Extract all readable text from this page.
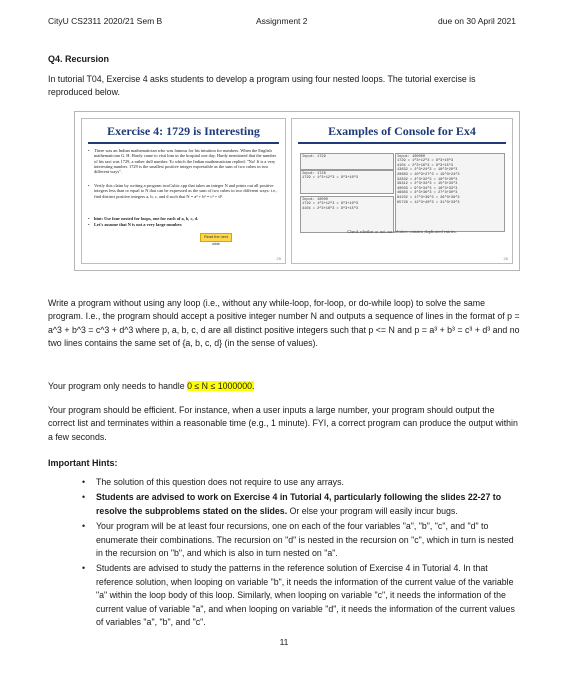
CityU CS2311 2020/21 Sem B	Assignment 2	due on 30 April 2021
Q4. Recursion
In tutorial T04, Exercise 4 asks students to develop a program using four nested loops. The tutorial exercise is reproduced below.
Exercise 4: 1729 is Interesting
• There was an Indian mathematician who was famous for his intuition for numbers. When the English mathematician G. H. Hardy came to visit him in the hospital one day, Hardy mentioned that the number of his taxi was 1729, a rather dull number. To which the Indian mathematician replied: "No! It is a very interesting number. 1729 is the smallest positive integer expressible as the sum of two cubes in two different ways".
• Verify this claim by writing a program twoCubic.cpp that takes an integer N and prints out all positive integers less than or equal to N that can be expressed as the sum of two cubes in two different ways: i.e., find distinct positive integers a, b, c, and d such that N = a³ + b³ = c³ + d³.
• hint: Use four nested for loops, one for each of a, b, c, d.
• Let's assume that N is not a very large number.
Read the next slide
25
Examples of Console for Ex4
Input: 1729
Input: 1728
1729 = 1^3+12^3 = 9^3+10^3
Input: 10000
1729 = 1^3+12^3 = 9^3+10^3
4104 = 2^3+16^3 = 9^3+15^3
Input: 100000
1729 = 1^3+12^3 = 9^3+10^3
4104 = 2^3+16^3 = 9^3+15^3
13832 = 2^3+24^3 = 18^3+20^3
20683 = 10^3+27^3 = 19^3+24^3
32832 = 4^3+32^3 = 18^3+30^3
39312 = 2^3+34^3 = 15^3+33^3
40033 = 9^3+34^3 = 16^3+33^3
46683 = 3^3+36^3 = 27^3+30^3
64232 = 17^3+39^3 = 26^3+36^3
65728 = 12^3+40^3 = 31^3+33^3
Check whether or not our solution contains duplicated entries.
26
Write a program without using any loop (i.e., without any while-loop, for-loop, or do-while loop) to solve the same program. I.e., the program should accept a positive integer number N and outputs a sequence of lines in the format of p = a^3 + b^3 = c^3 + d^3 where p, a, b, c, d are all distinct positive integers such that p <= N and p = a³ + b³ = c³ + d³ and no two lines contains the same set of {a, b, c, d} (in the sense of values).
Your program only needs to handle 0 ≤ N ≤ 1000000.
Your program should be efficient. For instance, when a user inputs a large number, your program should output the correct list and terminates within a reasonable time (e.g., 1 minute). FYI, a correct program can produce the output within a few seconds.
Important Hints:
• The solution of this question does not require to use any arrays.
• Students are advised to work on Exercise 4 in Tutorial 4, particularly following the slides 22-27 to resolve the subproblems stated on the slides. Or else your program will easily incur bugs.
• Your program will be at least four recursions, one on each of the four variables "a", "b", "c", and "d" to enumerate their combinations. The recursion on "d" is nested in the recursion on "c", which in turn is nested in the recursion on "b", and which is also in turn nested on "a".
• Students are advised to study the patterns in the reference solution of Exercise 4 in Tutorial 4. In that reference solution, when looping on variable "b", it needs the information of the current value of the variable "a" within the loop body of this loop. Similarly, when looping on variable "c", it needs the information of the current value of variable "a", and when looping on variable "d", it needs the information of the current values of variables "a", "b", and "c".
11
